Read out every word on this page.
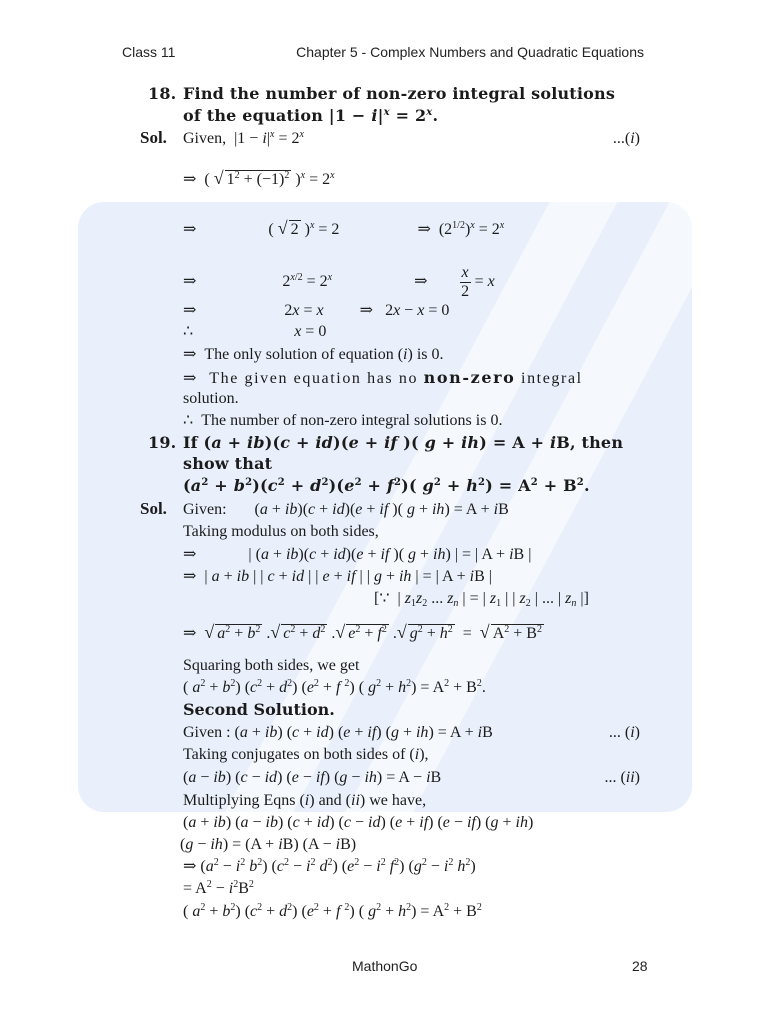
Class 11	Chapter 5 - Complex Numbers and Quadratic Equations
18. Find the number of non-zero integral solutions
of the equation $|1 - i|^x = 2^x$.
Sol. Given,  $|1 - i|^x = 2^x$	...(i)
⇒  ( √ $1^2 + (-1)^2$ )$^x = 2^x$
⇒	( √ 2 )$^x$ = 2	⇒  $(2^{1/2})^x = 2^x$
⇒	$2^{x/2} = 2^x$	⇒ $\frac{x}{2} = x$
⇒	2x = x ⇒   2x − x = 0
∴	x = 0
⇒  The only solution of equation (i) is 0.
⇒  The given equation has no non-zero integral
solution.
∴  The number of non-zero integral solutions is 0.
19. If (a + ib)(c + id)(e + if )( g + ih) = A + iB, then
show that
$(a^2 + b^2)(c^2 + d^2)(e^2 + f^2)$( $g^2 + h^2) = A^2 + B^2$.
Sol. Given: (a + ib)(c + id)(e + if )( g + ih) = A + iB
Taking modulus on both sides,
⇒	| (a + ib)(c + id)(e + if )( g + ih) | = | A + iB |
⇒  | a + ib | | c + id | | e + if | | g + ih | = | A + iB |
[∵  | $z_1z_2$ ... $z_n$ | = | $z_1$ | | $z_2$ | ... | $z_n$ |]
⇒  √ $a^2 + b^2$ .√ $c^2 + d^2$ .√ $e^2 + f^2$ .√ $g^2 + h^2$  =  √ $A^2 + B^2$
Squaring both sides, we get
( $a^2 + b^2$) $(c^2 + d^2) (e^2 + f$ $^2$) ( $g^2 + h^2) = A^2 + B^2$.
Second Solution.
Given : (a + ib) (c + id) (e + if) (g + ih) = A + iB	... (i)
Taking conjugates on both sides of (i),
(a − ib) (c − id) (e − if) (g − ih) = A − iB	... (ii)
Multiplying Eqns (i) and (ii) we have,
(a + ib) (a − ib) (c + id) (c − id) (e + if) (e − if) (g + ih)
(g − ih) = (A + iB) (A − iB)
⇒ ($a^2 - i^2$ $b^2$) ($c^2 - i^2$ $d^2$) ($e^2 - i^2$ $f^2$) ($g^2 - i^2$ $h^2$)
= $A^2 - i^2B^2$
( $a^2 + b^2$) $(c^2 + d^2) (e^2 + f$ $^2$) ( $g^2 + h^2) = A^2 + B^2$
MathonGo	28
